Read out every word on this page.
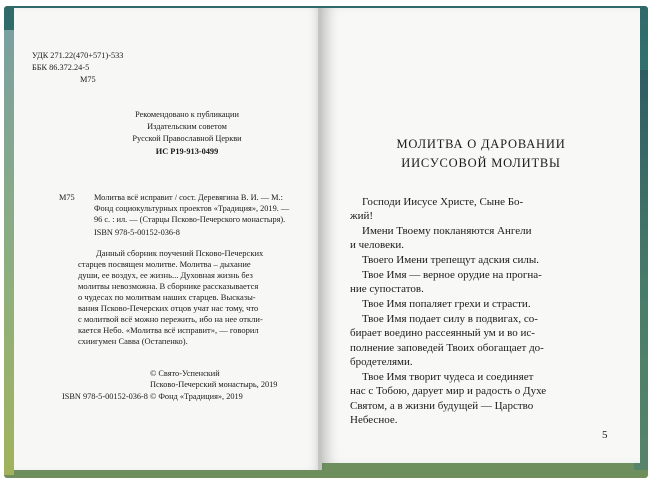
УДК 271.22(470+571)-533
ББК 86.372.24-5
М75
Рекомендовано к публикации
Издательским советом
Русской Православной Церкви
ИС Р19-913-0499
М75 Молитва всё исправит / сост. Деревягина В. И. — М.:
Фонд социокультурных проектов «Традиция», 2019. —
96 с. : ил. — (Старцы Псково-Печерского монастыря).
ISBN 978-5-00152-036-8
Данный сборник поучений Псково-Печерских
старцев посвящен молитве. Молитва – дыхание
души, ее воздух, ее жизнь... Духовная жизнь без
молитвы невозможна. В сборнике рассказывается
о чудесах по молитвам наших старцев. Высказы-
вания Псково-Печерских отцов учат нас тому, что
с молитвой всё можно пережить, ибо на нее откли-
кается Небо. «Молитва всё исправит», — говорил
схиигумен Савва (Остапенко).
© Свято-Успенский
Псково-Печерский монастырь, 2019
ISBN 978-5-00152-036-8 © Фонд «Традиция», 2019
МОЛИТВА О ДАРОВАНИИ
ИИСУСОВОЙ МОЛИТВЫ
Господи Иисусе Христе, Сыне Бо-
жий!
Имени Твоему покланяются Ангели
и человеки.
Твоего Имени трепещут адския силы.
Твое Имя — верное орудие на прогна-
ние супостатов.
Твое Имя попаляет грехи и страсти.
Твое Имя подает силу в подвигах, со-
бирает воедино рассеянный ум и во ис-
полнение заповедей Твоих обогащает до-
бродетелями.
Твое Имя творит чудеса и соединяет
нас с Тобою, дарует мир и радость о Духе
Святом, а в жизни будущей — Царство
Небесное.
5
